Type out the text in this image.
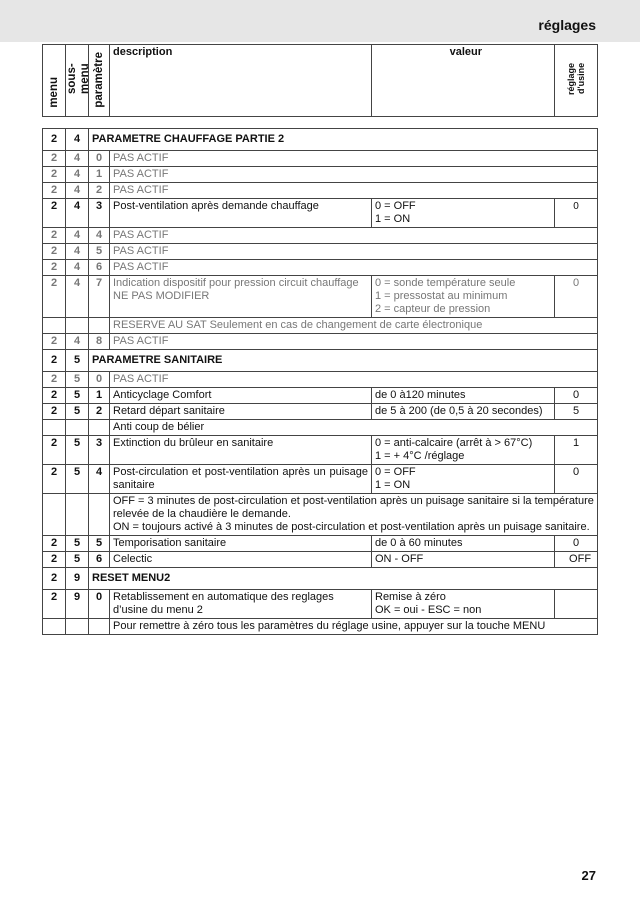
réglages
menu	sous-menu	paramètre	description	valeur	réglage d'usine
2	4	PARAMETRE CHAUFFAGE PARTIE 2			
2	4	0	PAS ACTIF		
2	4	1	PAS ACTIF		
2	4	2	PAS ACTIF		
2	4	3	Post-ventilation après demande chauffage	0 = OFF
1 = ON	0
2	4	4	PAS ACTIF		
2	4	5	PAS ACTIF		
2	4	6	PAS ACTIF		
2	4	7	Indication dispositif pour pression circuit chauffage
NE PAS MODIFIER	0 = sonde température seule
1 = pressostat au minimum
2 = capteur de pression	0
			RESERVE AU SAT Seulement en cas de changement de carte électronique		
2	4	8	PAS ACTIF		
2	5	PARAMETRE SANITAIRE			
2	5	0	PAS ACTIF		
2	5	1	Anticyclage Comfort	de 0 à120 minutes	0
2	5	2	Retard départ sanitaire	de 5 à 200 (de 0,5 à 20 secondes)	5
			Anti coup de bélier		
2	5	3	Extinction du brûleur en sanitaire	0 = anti-calcaire (arrêt à > 67°C)
1 = + 4°C /réglage	1
2	5	4	Post-circulation et post-ventilation après un puisage sanitaire	0 = OFF
1 = ON	0
			OFF = 3 minutes de post-circulation et post-ventilation après un puisage sanitaire si la température relevée de la chaudière le demande.
ON = toujours activé à 3 minutes de post-circulation et post-ventilation après un puisage sanitaire.		
2	5	5	Temporisation sanitaire	de 0 à 60 minutes	0
2	5	6	Celectic	ON - OFF	OFF
2	9	RESET MENU2			
2	9	0	Retablissement en automatique des reglages d’usine du menu 2	Remise à zéro
OK = oui - ESC = non	
			Pour remettre à zéro tous les paramètres du réglage usine, appuyer sur la touche MENU		
27
